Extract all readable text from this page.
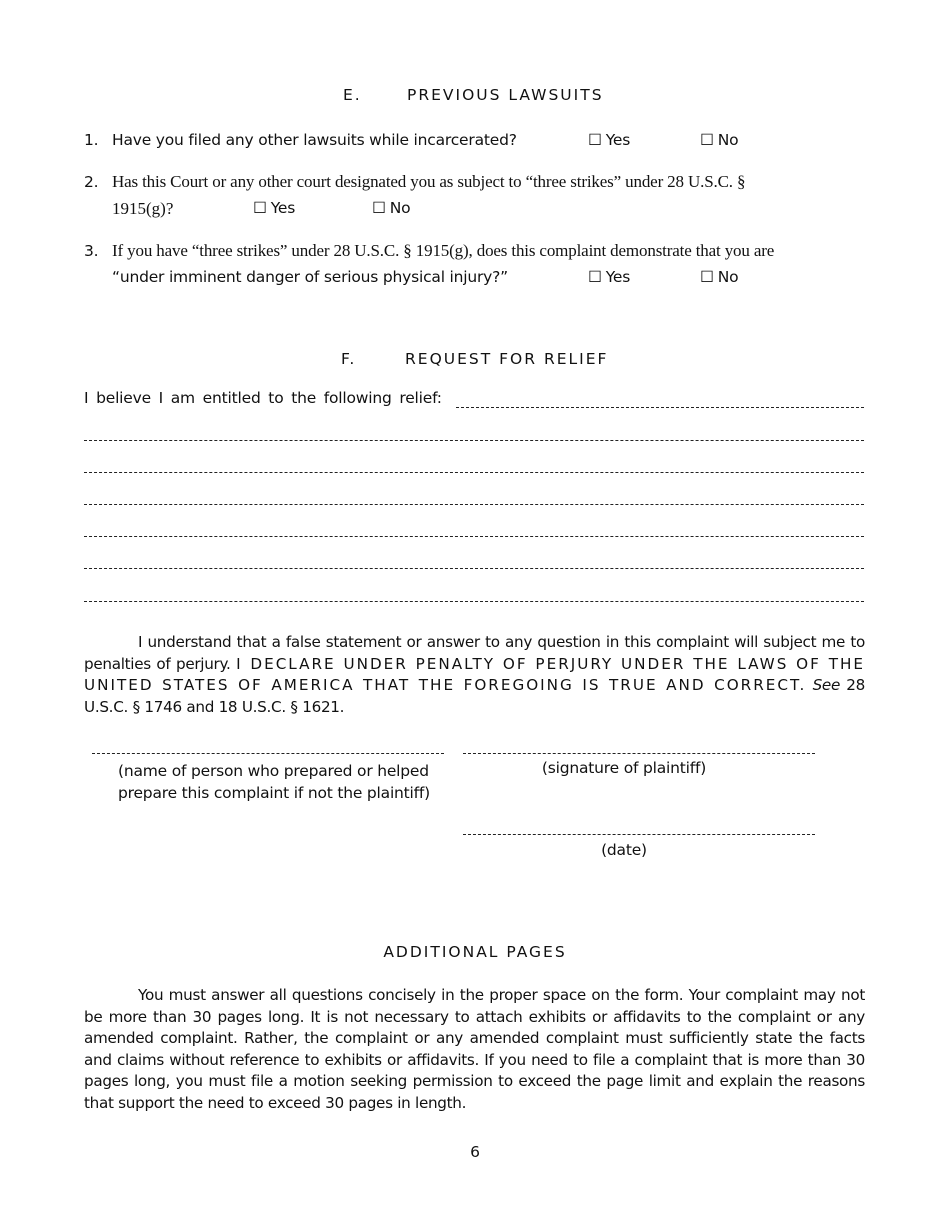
E.	PREVIOUS LAWSUITS
1. Have you filed any other lawsuits while incarcerated?	☐ Yes	☐ No
2. Has this Court or any other court designated you as subject to “three strikes” under 28 U.S.C. §
1915(g)?	☐ Yes	☐ No
3. If you have “three strikes” under 28 U.S.C. § 1915(g), does this complaint demonstrate that you are
“under imminent danger of serious physical injury?”	☐ Yes	☐ No
F.	REQUEST FOR RELIEF
I believe I am entitled to the following relief:
I understand that a false statement or answer to any question in this complaint will subject me to penalties of perjury. I DECLARE UNDER PENALTY OF PERJURY UNDER THE LAWS OF THE UNITED STATES OF AMERICA THAT THE FOREGOING IS TRUE AND CORRECT. See 28 U.S.C. § 1746 and 18 U.S.C. § 1621.
(name of person who prepared or helped
prepare this complaint if not the plaintiff)
(signature of plaintiff)
(date)
ADDITIONAL PAGES
You must answer all questions concisely in the proper space on the form. Your complaint may not be more than 30 pages long. It is not necessary to attach exhibits or affidavits to the complaint or any amended complaint. Rather, the complaint or any amended complaint must sufficiently state the facts and claims without reference to exhibits or affidavits. If you need to file a complaint that is more than 30 pages long, you must file a motion seeking permission to exceed the page limit and explain the reasons that support the need to exceed 30 pages in length.
6
